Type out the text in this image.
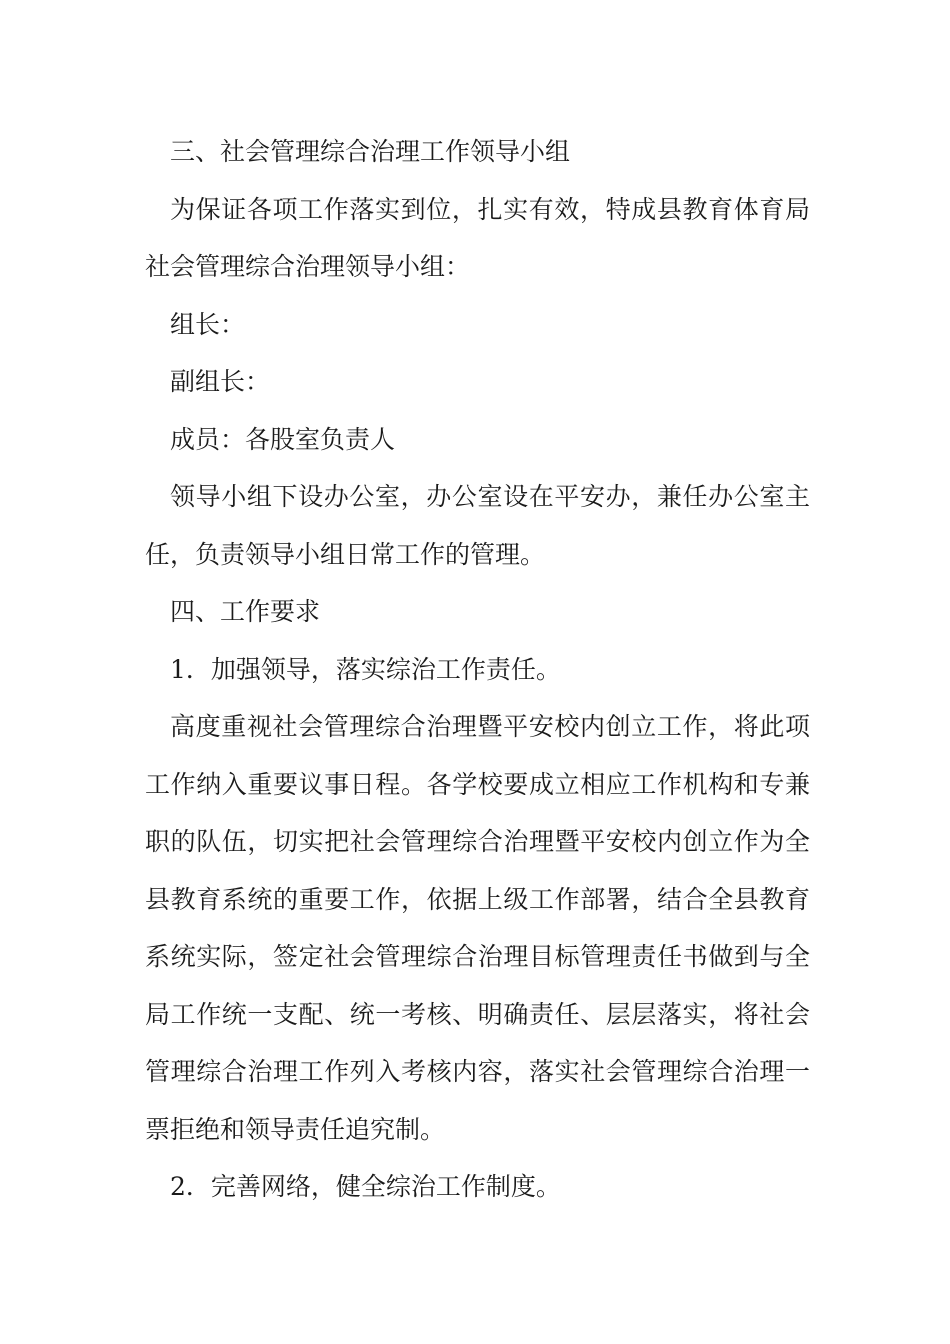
三、社会管理综合治理工作领导小组

为保证各项工作落实到位，扎实有效，特成县教育体育局社会管理综合治理领导小组：

组长：

副组长：

成员：各股室负责人

领导小组下设办公室，办公室设在平安办，兼任办公室主任，负责领导小组日常工作的管理。

四、工作要求

1．加强领导，落实综治工作责任。

高度重视社会管理综合治理暨平安校内创立工作，将此项工作纳入重要议事日程。各学校要成立相应工作机构和专兼职的队伍，切实把社会管理综合治理暨平安校内创立作为全县教育系统的重要工作，依据上级工作部署，结合全县教育系统实际，签定社会管理综合治理目标管理责任书做到与全局工作统一支配、统一考核、明确责任、层层落实，将社会管理综合治理工作列入考核内容，落实社会管理综合治理一票拒绝和领导责任追究制。

2．完善网络，健全综治工作制度。
